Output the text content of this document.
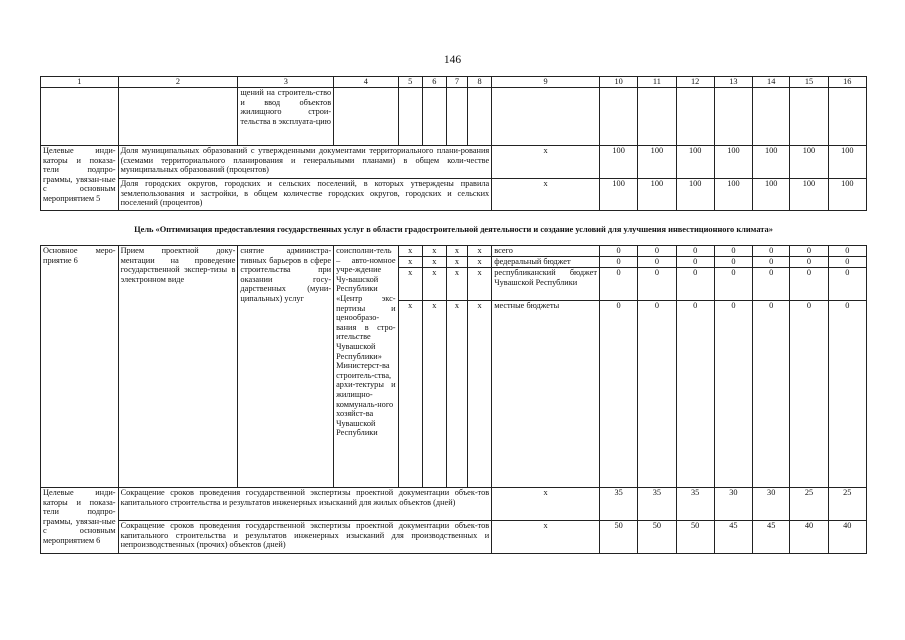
146
1	2	3	4	5	6	7	8	9	10	11	12	13	14	15	16
		щений на строитель-ство и ввод объектов жилищного строи-тельства в эксплуата-цию													
Целевые инди-каторы и показа-тели подпро-граммы, увязан-ные с основным мероприятием 5	Доля муниципальных образований с утвержденными документами территориального плани-рования (схемами территориального планирования и генеральными планами) в общем коли-честве муниципальных образований (процентов)							x	100	100	100	100	100	100	100
	Доля городских округов, городских и сельских поселений, в которых утверждены правила землепользования и застройки, в общем количестве городских округов, городских и сельских поселений (процентов)							x	100	100	100	100	100	100	100
Цель «Оптимизация предоставления государственных услуг в области градостроительной деятельности и создание условий для улучшения инвестиционного климата»
Основное меро-приятие 6	Прием проектной доку-ментации на проведение государственной экспер-тизы в электронном виде	снятие администра-тивных барьеров в сфере строительства при оказании госу-дарственных (муни-ципальных) услуг	соисполни-тель – авто-номное учре-ждение Чу-вашской Республики «Центр экс-пертизы и ценообразо-вания в стро-ительстве Чувашской Республики» Министерст-ва строитель-ства, архи-тектуры и жилищно-коммуналь-ного хозяйст-ва Чувашской Республики	x	x	x	x	всего	0	0	0	0	0	0	0
				x	x	x	x	федеральный бюджет	0	0	0	0	0	0	0
				x	x	x	x	республиканский бюджет Чувашской Республики	0	0	0	0	0	0	0
				x	x	x	x	местные бюджеты	0	0	0	0	0	0	0
Целевые инди-каторы и показа-тели подпро-граммы, увязан-ные с основным мероприятием 6	Сокращение сроков проведения государственной экспертизы проектной документации объек-тов капитального строительства и результатов инженерных изысканий для жилых объектов (дней)							x	35	35	35	30	30	25	25
	Сокращение сроков проведения государственной экспертизы проектной документации объек-тов капитального строительства и результатов инженерных изысканий для производственных и непроизводственных (прочих) объектов (дней)							x	50	50	50	45	45	40	40
